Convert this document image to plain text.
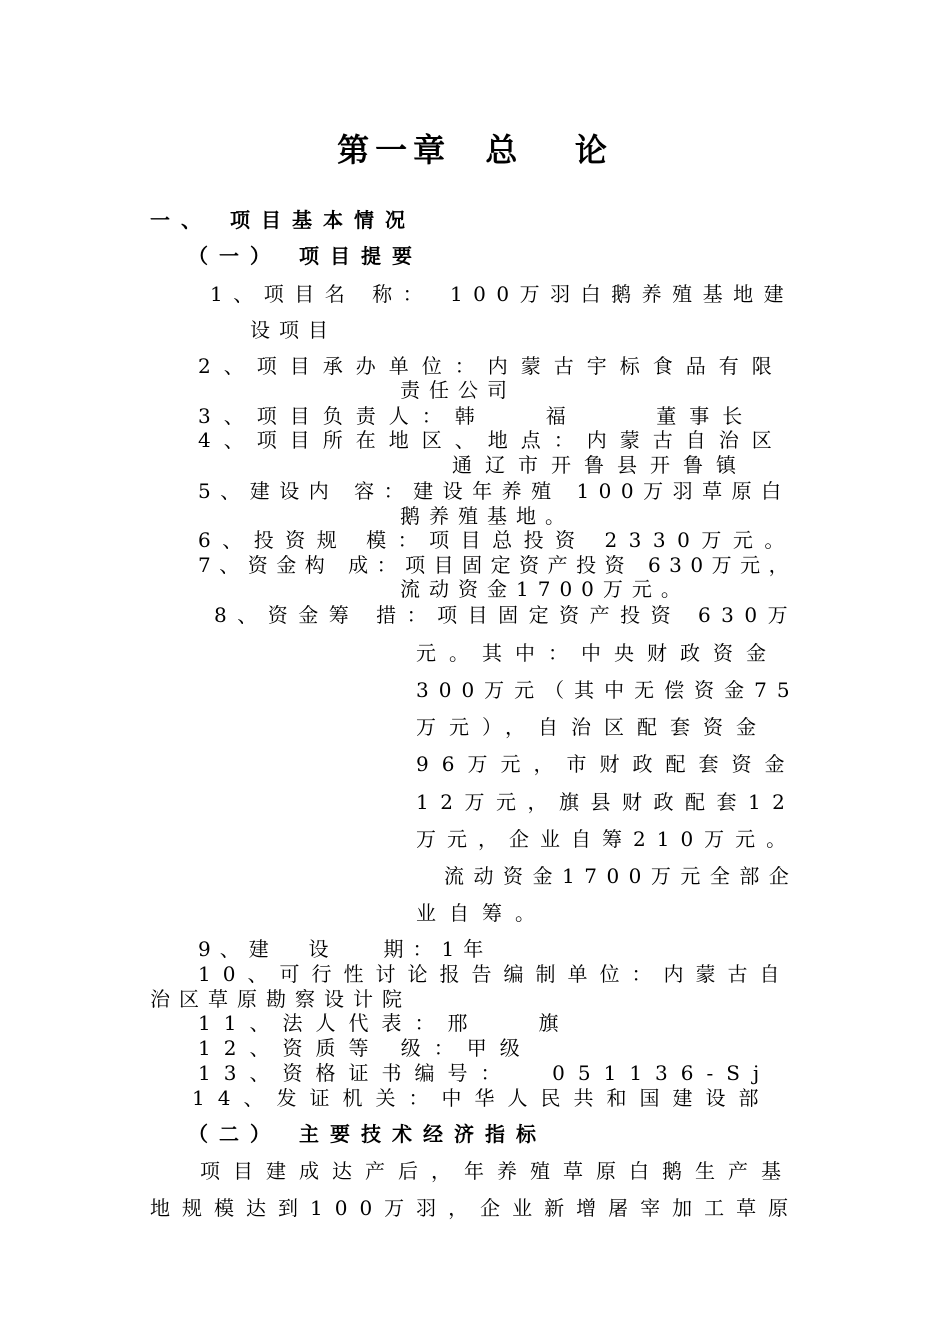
第一章  总   论
一、 项目基本情况
（一） 项目提要
1、项目名 称： 100万羽白鹅养殖基地建
设项目
2、项目承办单位：内蒙古宇标食品有限
责任公司
3、项目负责人：韩   福    董事长
4、项目所在地区、地点：内蒙古自治区
通辽市开鲁县开鲁镇
5、建设内 容：建设年养殖 100万羽草原白
鹅养殖基地。
6、投资规 模：项目总投资 2330万元。
7、资金构 成：项目固定资产投资 630万元，
流动资金1700万元。
8、资金筹 措：项目固定资产投资 630万
元。其中：中央财政资金
300万元（其中无偿资金75
万元），自治区配套资金
96万元，市财政配套资金
12万元，旗县财政配套12
万元，企业自筹210万元。
流动资金1700万元全部企
业自筹。
9、建  设   期：1年
10、可行性讨论报告编制单位：内蒙古自
治区草原勘察设计院
11、法人代表：邢   旗
12、资质等 级：甲级
13、资格证书编号：  051136-Sj
14、发证机关：中华人民共和国建设部
（二） 主要技术经济指标
项目建成达产后，年养殖草原白鹅生产基
地规模达到100万羽，企业新增屠宰加工草原
